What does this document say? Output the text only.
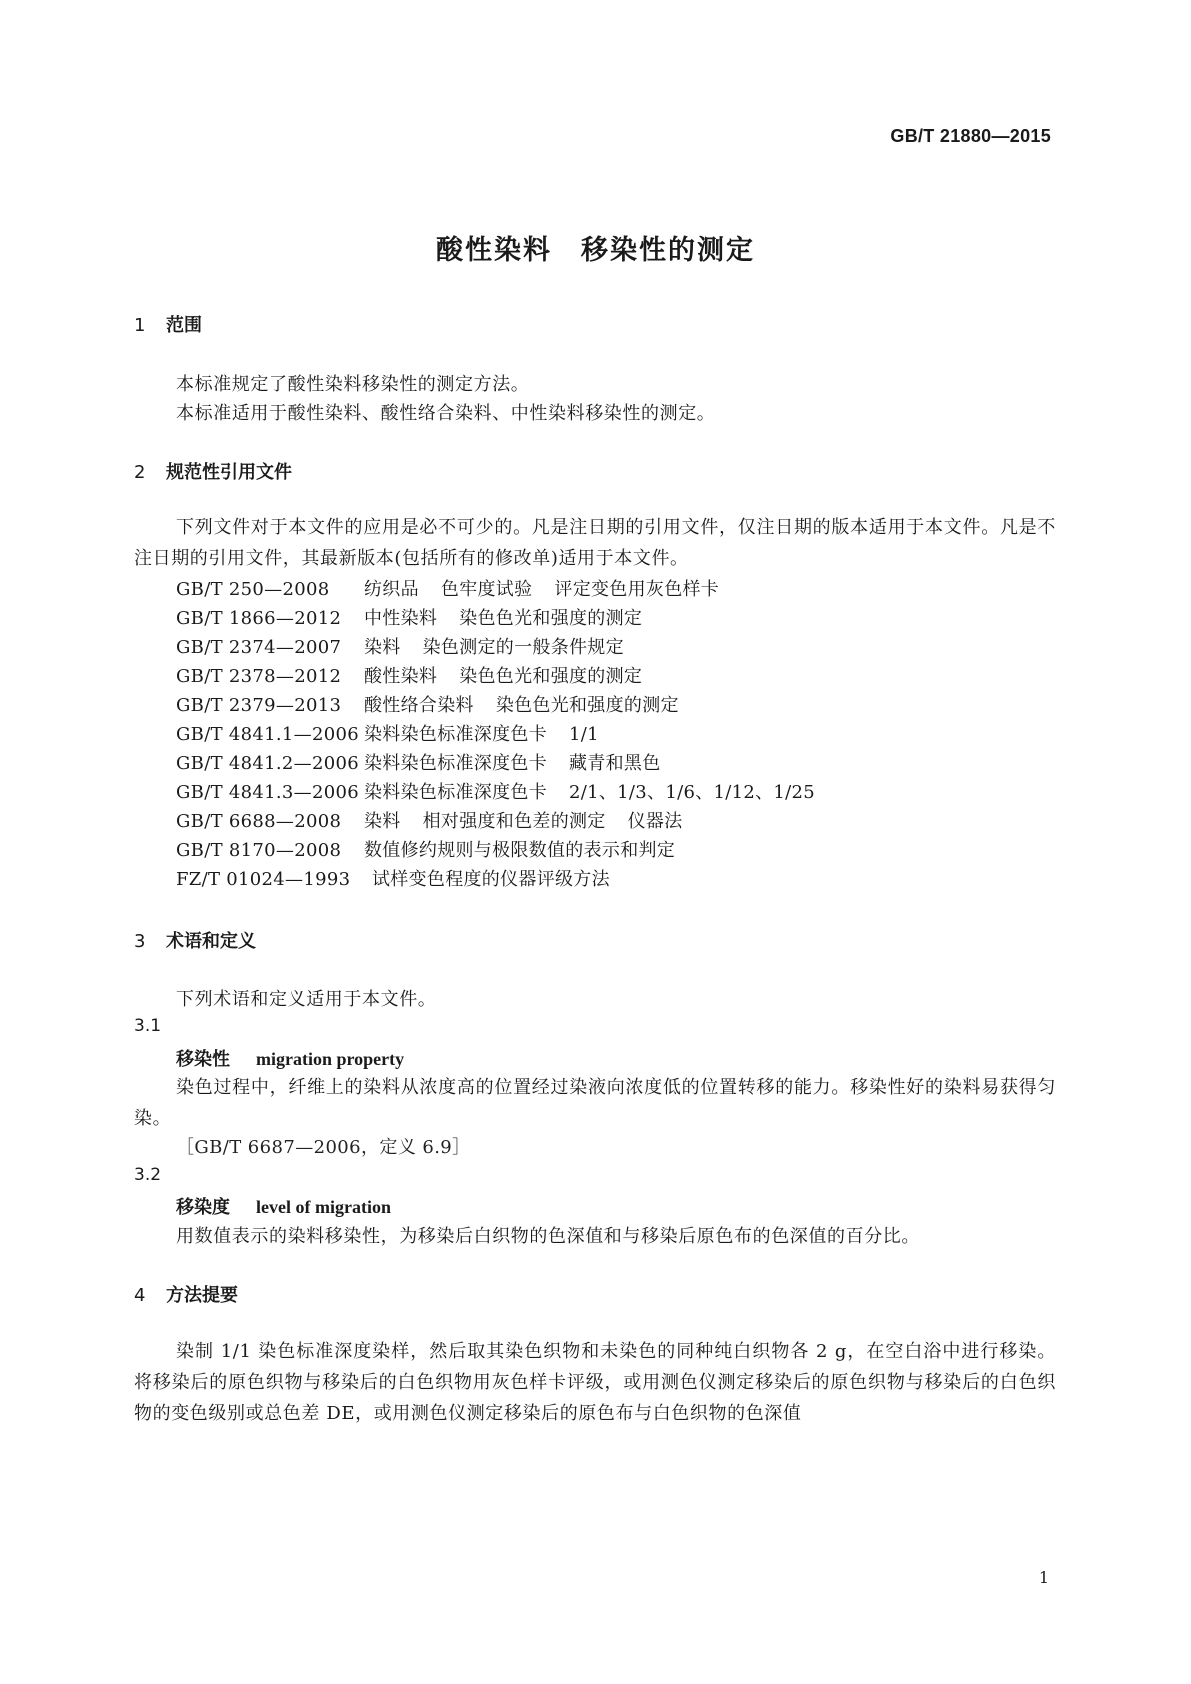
GB/T 21880—2015
酸性染料　移染性的测定
1 范围
本标准规定了酸性染料移染性的测定方法。
本标准适用于酸性染料、酸性络合染料、中性染料移染性的测定。
2 规范性引用文件
下列文件对于本文件的应用是必不可少的。凡是注日期的引用文件，仅注日期的版本适用于本文件。凡是不注日期的引用文件，其最新版本(包括所有的修改单)适用于本文件。
GB/T 250—2008 纺织品 色牢度试验 评定变色用灰色样卡
GB/T 1866—2012 中性染料 染色色光和强度的测定
GB/T 2374—2007 染料 染色测定的一般条件规定
GB/T 2378—2012 酸性染料 染色色光和强度的测定
GB/T 2379—2013 酸性络合染料 染色色光和强度的测定
GB/T 4841.1—2006 染料染色标准深度色卡 1/1
GB/T 4841.2—2006 染料染色标准深度色卡 藏青和黑色
GB/T 4841.3—2006 染料染色标准深度色卡 2/1、1/3、1/6、1/12、1/25
GB/T 6688—2008 染料 相对强度和色差的测定 仪器法
GB/T 8170—2008 数值修约规则与极限数值的表示和判定
FZ/T 01024—1993 试样变色程度的仪器评级方法
3 术语和定义
下列术语和定义适用于本文件。
3.1
移染性 migration property
染色过程中，纤维上的染料从浓度高的位置经过染液向浓度低的位置转移的能力。移染性好的染料易获得匀染。
［GB/T 6687—2006，定义 6.9］
3.2
移染度 level of migration
用数值表示的染料移染性，为移染后白织物的色深值和与移染后原色布的色深值的百分比。
4 方法提要
染制 1/1 染色标准深度染样，然后取其染色织物和未染色的同种纯白织物各 2 g，在空白浴中进行移染。将移染后的原色织物与移染后的白色织物用灰色样卡评级，或用测色仪测定移染后的原色织物与移染后的白色织物的变色级别或总色差 DE，或用测色仪测定移染后的原色布与白色织物的色深值
1
